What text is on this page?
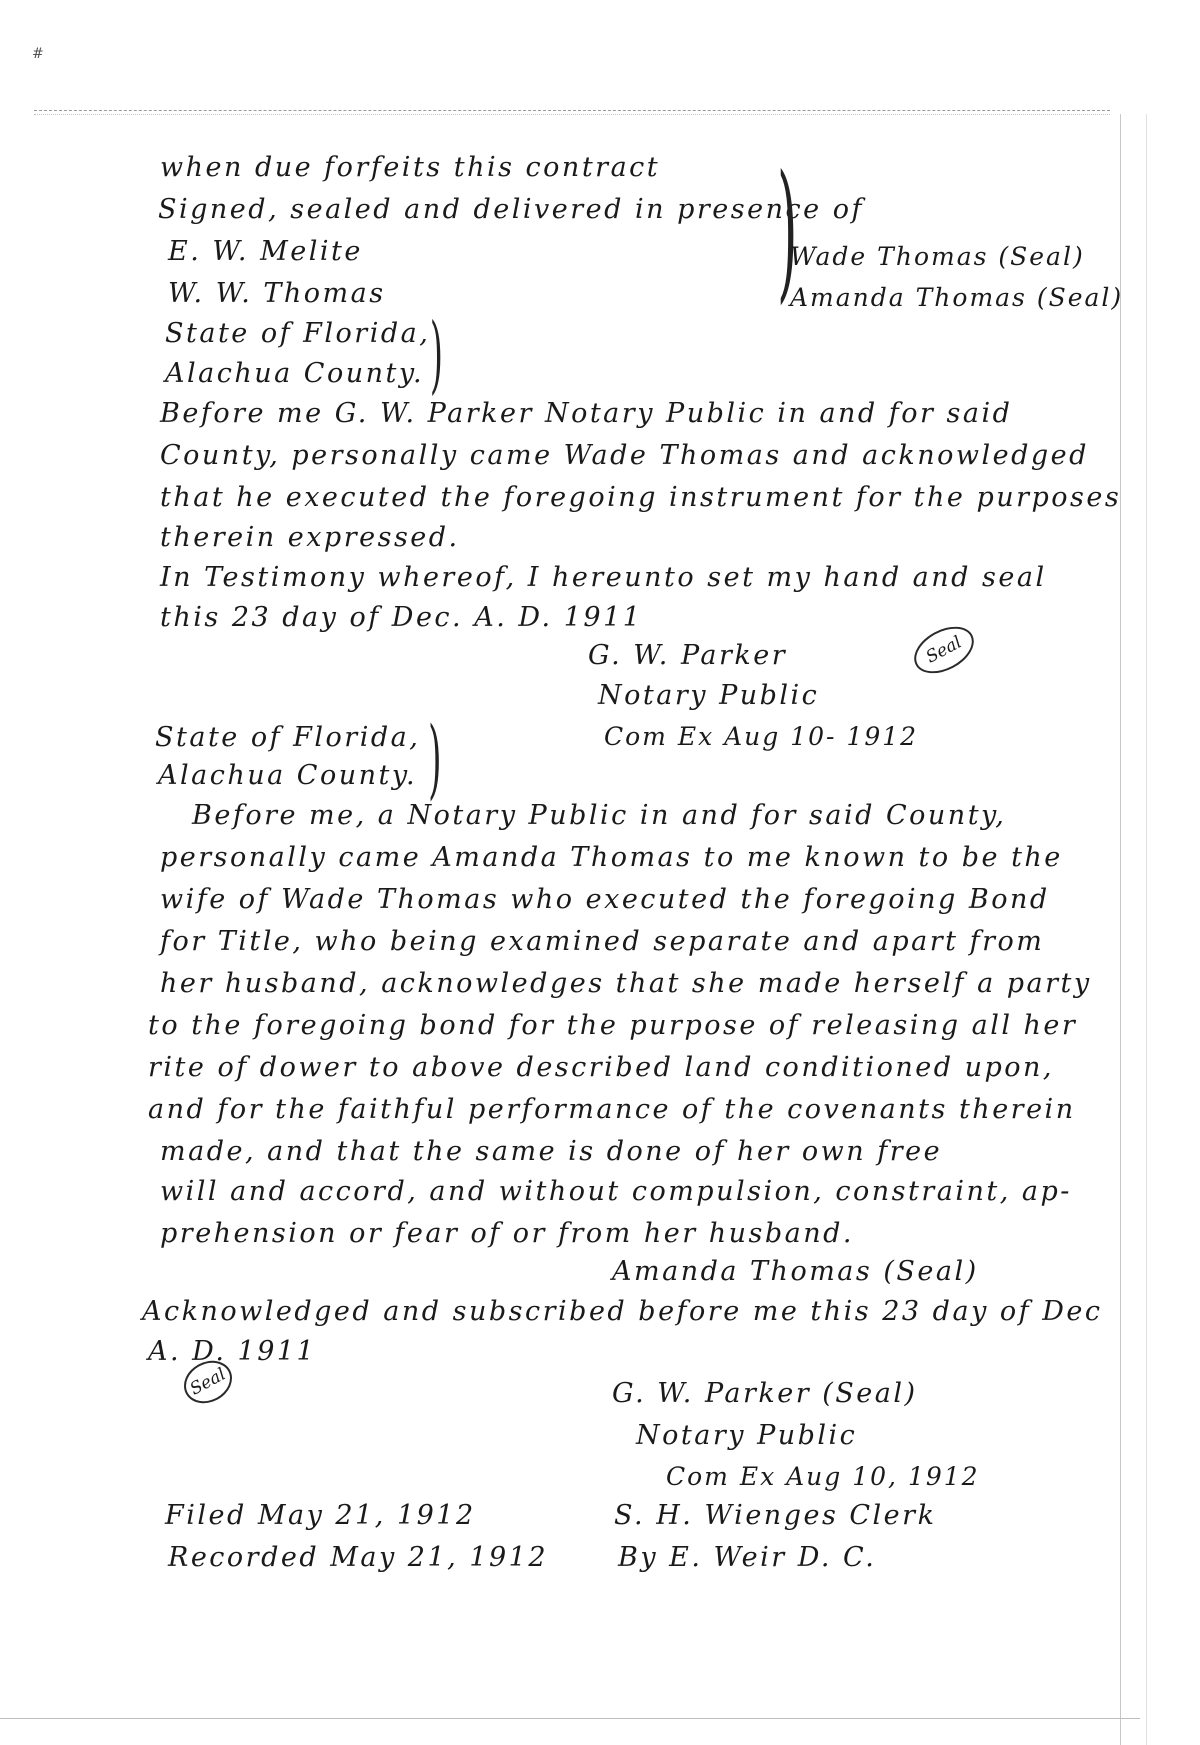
#
when due forfeits this contract
Signed, sealed and delivered in presence of
E. W. Melite
W. W. Thomas	)
Wade Thomas (Seal)
Amanda Thomas (Seal)
State of Florida,
Alachua County. )
Before me G. W. Parker Notary Public in and for said
County, personally came Wade Thomas and acknowledged
that he executed the foregoing instrument for the purposes
therein expressed.
In Testimony whereof, I hereunto set my hand and seal
this 23 day of Dec. A. D. 1911
G. W. Parker	Seal
Notary Public
Com Ex Aug 10- 1912
State of Florida,
Alachua County. )
Before me, a Notary Public in and for said County,
personally came Amanda Thomas to me known to be the
wife of Wade Thomas who executed the foregoing Bond
for Title, who being examined separate and apart from
her husband, acknowledges that she made herself a party
to the foregoing bond for the purpose of releasing all her
rite of dower to above described land conditioned upon,
and for the faithful performance of the covenants therein
made, and that the same is done of her own free
will and accord, and without compulsion, constraint, ap-
prehension or fear of or from her husband.
Amanda Thomas (Seal)
Acknowledged and subscribed before me this 23 day of Dec
A. D. 1911
Seal	G. W. Parker (Seal)
Notary Public
Com Ex Aug 10, 1912
Filed May 21, 1912
Recorded May 21, 1912
S. H. Wienges Clerk
By E. Weir D. C.
